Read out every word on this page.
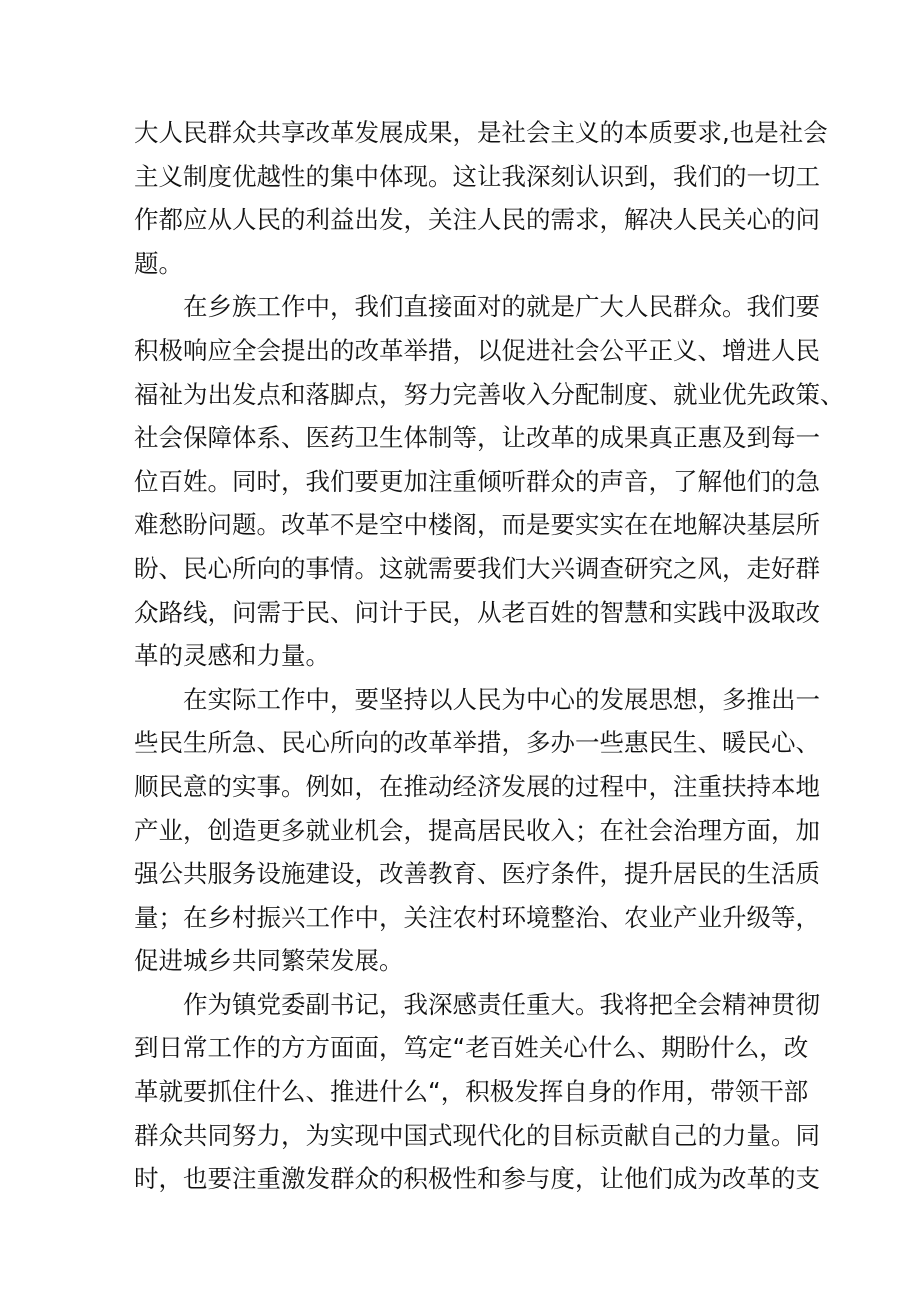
大 人 民 群 众 共 享 改 革 发 展 成 果 ， 是 社 会 主 义 的 本 质 要 求 , 也 是 社 会
主 义 制 度 优 越 性 的 集 中 体 现 。 这 让 我 深 刻 认 识 到 ， 我 们 的 一 切 工
作 都 应 从 人 民 的 利 益 出 发 ， 关 注 人 民 的 需 求 ， 解 决 人 民 关 心 的 问
题。
在 乡 族 工 作 中 ， 我 们 直 接 面 对 的 就 是 广 大 人 民 群 众 。 我 们 要
积 极 响 应 全 会 提 出 的 改 革 举 措 ， 以 促 进 社 会 公 平 正 义 、 增 进 人 民
福 祉 为 出 发 点 和 落 脚 点 ， 努 力 完 善 收 入 分 配 制 度 、 就 业 优 先 政 策 、
社 会 保 障 体 系 、 医 药 卫 生 体 制 等 ， 让 改 革 的 成 果 真 正 惠 及 到 每 一
位 百 姓 。 同 时 ， 我 们 要 更 加 注 重 倾 听 群 众 的 声 音 ， 了 解 他 们 的 急
难 愁 盼 问 题 。 改 革 不 是 空 中 楼 阁 ， 而 是 要 实 实 在 在 地 解 决 基 层 所
盼 、 民 心 所 向 的 事 情 。 这 就 需 要 我 们 大 兴 调 查 研 究 之 风 ， 走 好 群
众 路 线 ， 问 需 于 民 、 问 计 于 民 ， 从 老 百 姓 的 智 慧 和 实 践 中 汲 取 改
革的灵感和力量。
在 实 际 工 作 中 ， 要 坚 持 以 人 民 为 中 心 的 发 展 思 想 ， 多 推 出 一
些 民 生 所 急 、 民 心 所 向 的 改 革 举 措 ， 多 办 一 些 惠 民 生 、 暖 民 心 、
顺 民 意 的 实 事 。 例 如 ， 在 推 动 经 济 发 展 的 过 程 中 ， 注 重 扶 持 本 地
产 业 ， 创 造 更 多 就 业 机 会 ， 提 高 居 民 收 入 ； 在 社 会 治 理 方 面 ， 加
强 公 共 服 务 设 施 建 设 ， 改 善 教 育 、 医 疗 条 件 ， 提 升 居 民 的 生 活 质
量 ； 在 乡 村 振 兴 工 作 中 ， 关 注 农 村 环 境 整 治 、 农 业 产 业 升 级 等 ，
促进城乡共同繁荣发展。
作 为 镇 党 委 副 书 记 ， 我 深 感 责 任 重 大 。 我 将 把 全 会 精 神 贯 彻
到 日 常 工 作 的 方 方 面 面 ， 笃 定 “ 老 百 姓 关 心 什 么 、 期 盼 什 么 ， 改
革 就 要 抓 住 什 么 、 推 进 什 么 “ ， 积 极 发 挥 自 身 的 作 用 ， 带 领 干 部
群 众 共 同 努 力 ， 为 实 现 中 国 式 现 代 化 的 目 标 贡 献 自 己 的 力 量 。 同
时 ， 也 要 注 重 激 发 群 众 的 积 极 性 和 参 与 度 ， 让 他 们 成 为 改 革 的 支
